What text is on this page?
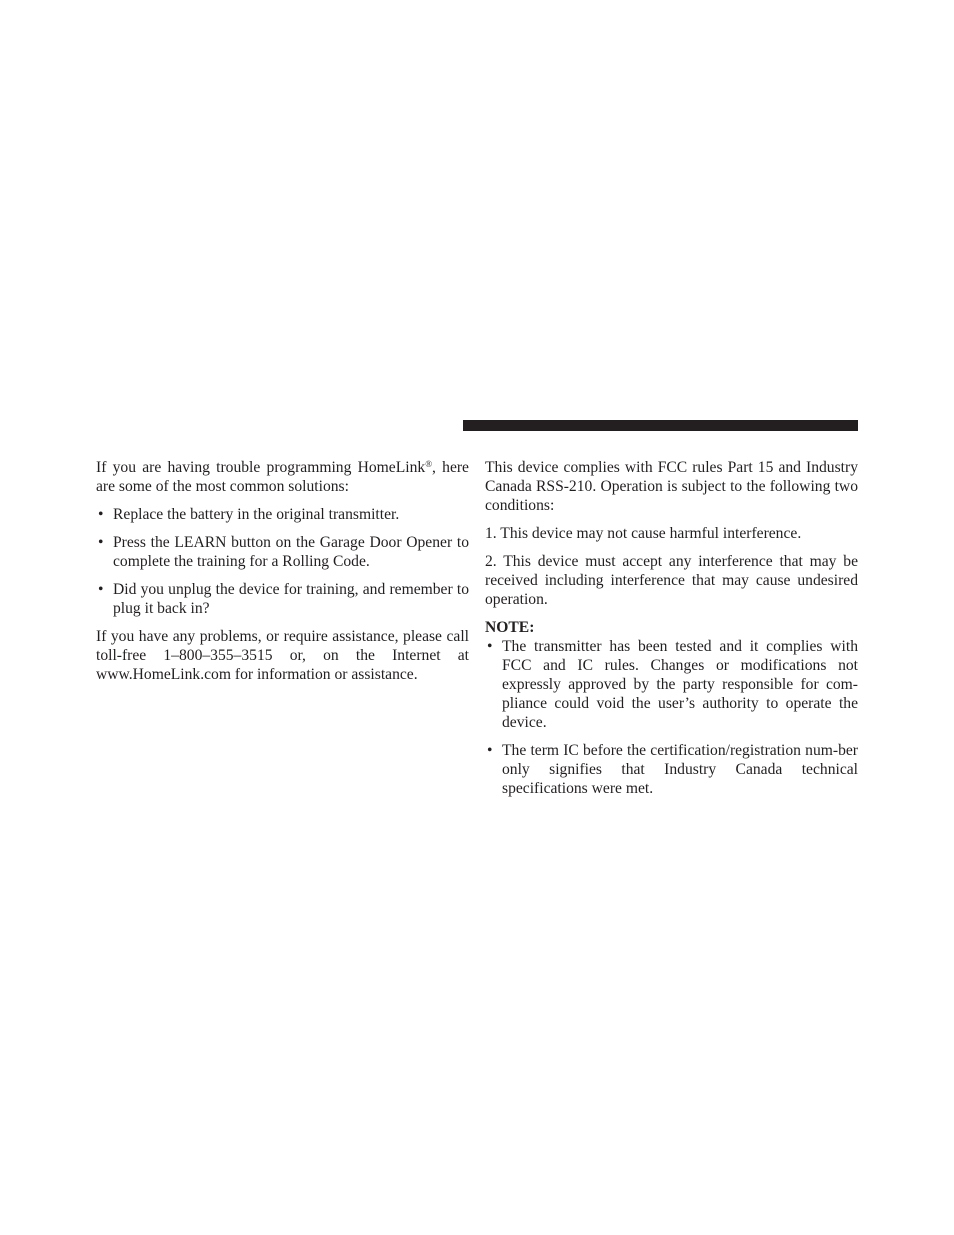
If you are having trouble programming HomeLink®, here are some of the most common solutions:

• Replace the battery in the original transmitter.
• Press the LEARN button on the Garage Door Opener to complete the training for a Rolling Code.
• Did you unplug the device for training, and remember to plug it back in?

If you have any problems, or require assistance, please call toll-free 1–800–355–3515 or, on the Internet at www.HomeLink.com for information or assistance.

This device complies with FCC rules Part 15 and Industry Canada RSS-210. Operation is subject to the following two conditions:

1. This device may not cause harmful interference.

2. This device must accept any interference that may be received including interference that may cause undesired operation.

NOTE:

• The transmitter has been tested and it complies with FCC and IC rules. Changes or modifications not expressly approved by the party responsible for com-pliance could void the user’s authority to operate the device.
• The term IC before the certification/registration num-ber only signifies that Industry Canada technical specifications were met.
